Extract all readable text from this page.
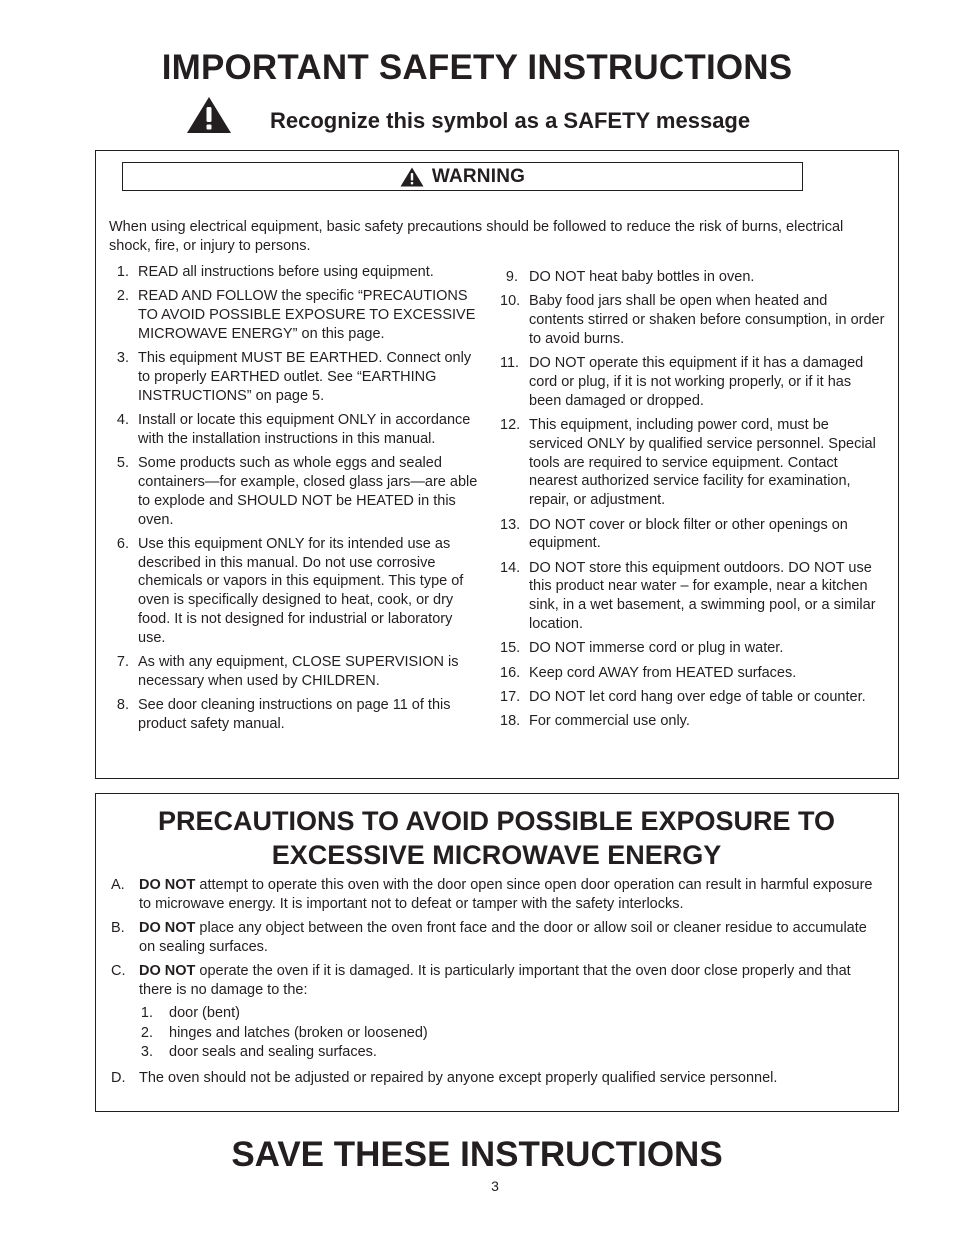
IMPORTANT SAFETY INSTRUCTIONS
Recognize this symbol as a SAFETY message
WARNING
When using electrical equipment, basic safety precautions should be followed to reduce the risk of burns, electrical shock, fire, or injury to persons.
1. READ all instructions before using equipment.
2. READ AND FOLLOW the specific “PRECAUTIONS TO AVOID POSSIBLE EXPOSURE TO EXCESSIVE MICROWAVE ENERGY” on this page.
3. This equipment MUST BE EARTHED. Connect only to properly EARTHED outlet. See “EARTHING INSTRUCTIONS” on page 5.
4. Install or locate this equipment ONLY in accordance with the installation instructions in this manual.
5. Some products such as whole eggs and sealed containers—for example, closed glass jars—are able to explode and SHOULD NOT be HEATED in this oven.
6. Use this equipment ONLY for its intended use as described in this manual. Do not use corrosive chemicals or vapors in this equipment. This type of oven is specifically designed to heat, cook, or dry food. It is not designed for industrial or laboratory use.
7. As with any equipment, CLOSE SUPERVISION is necessary when used by CHILDREN.
8. See door cleaning instructions on page 11 of this product safety manual.
9. DO NOT heat baby bottles in oven.
10. Baby food jars shall be open when heated and contents stirred or shaken before consumption, in order to avoid burns.
11. DO NOT operate this equipment if it has a damaged cord or plug, if it is not working properly, or if it has been damaged or dropped.
12. This equipment, including power cord, must be serviced ONLY by qualified service personnel. Special tools are required to service equipment. Contact nearest authorized service facility for examination, repair, or adjustment.
13. DO NOT cover or block filter or other openings on equipment.
14. DO NOT store this equipment outdoors. DO NOT use this product near water – for example, near a kitchen sink, in a wet basement, a swimming pool, or a similar location.
15. DO NOT immerse cord or plug in water.
16. Keep cord AWAY from HEATED surfaces.
17. DO NOT let cord hang over edge of table or counter.
18. For commercial use only.
PRECAUTIONS TO AVOID POSSIBLE EXPOSURE TO
EXCESSIVE MICROWAVE ENERGY
A. DO NOT attempt to operate this oven with the door open since open door operation can result in harmful exposure to microwave energy. It is important not to defeat or tamper with the safety interlocks.
B. DO NOT place any object between the oven front face and the door or allow soil or cleaner residue to accumulate on sealing surfaces.
C. DO NOT operate the oven if it is damaged. It is particularly important that the oven door close properly and that there is no damage to the:
1. door (bent)
2. hinges and latches (broken or loosened)
3. door seals and sealing surfaces.
D. The oven should not be adjusted or repaired by anyone except properly qualified service personnel.
SAVE THESE INSTRUCTIONS
3
